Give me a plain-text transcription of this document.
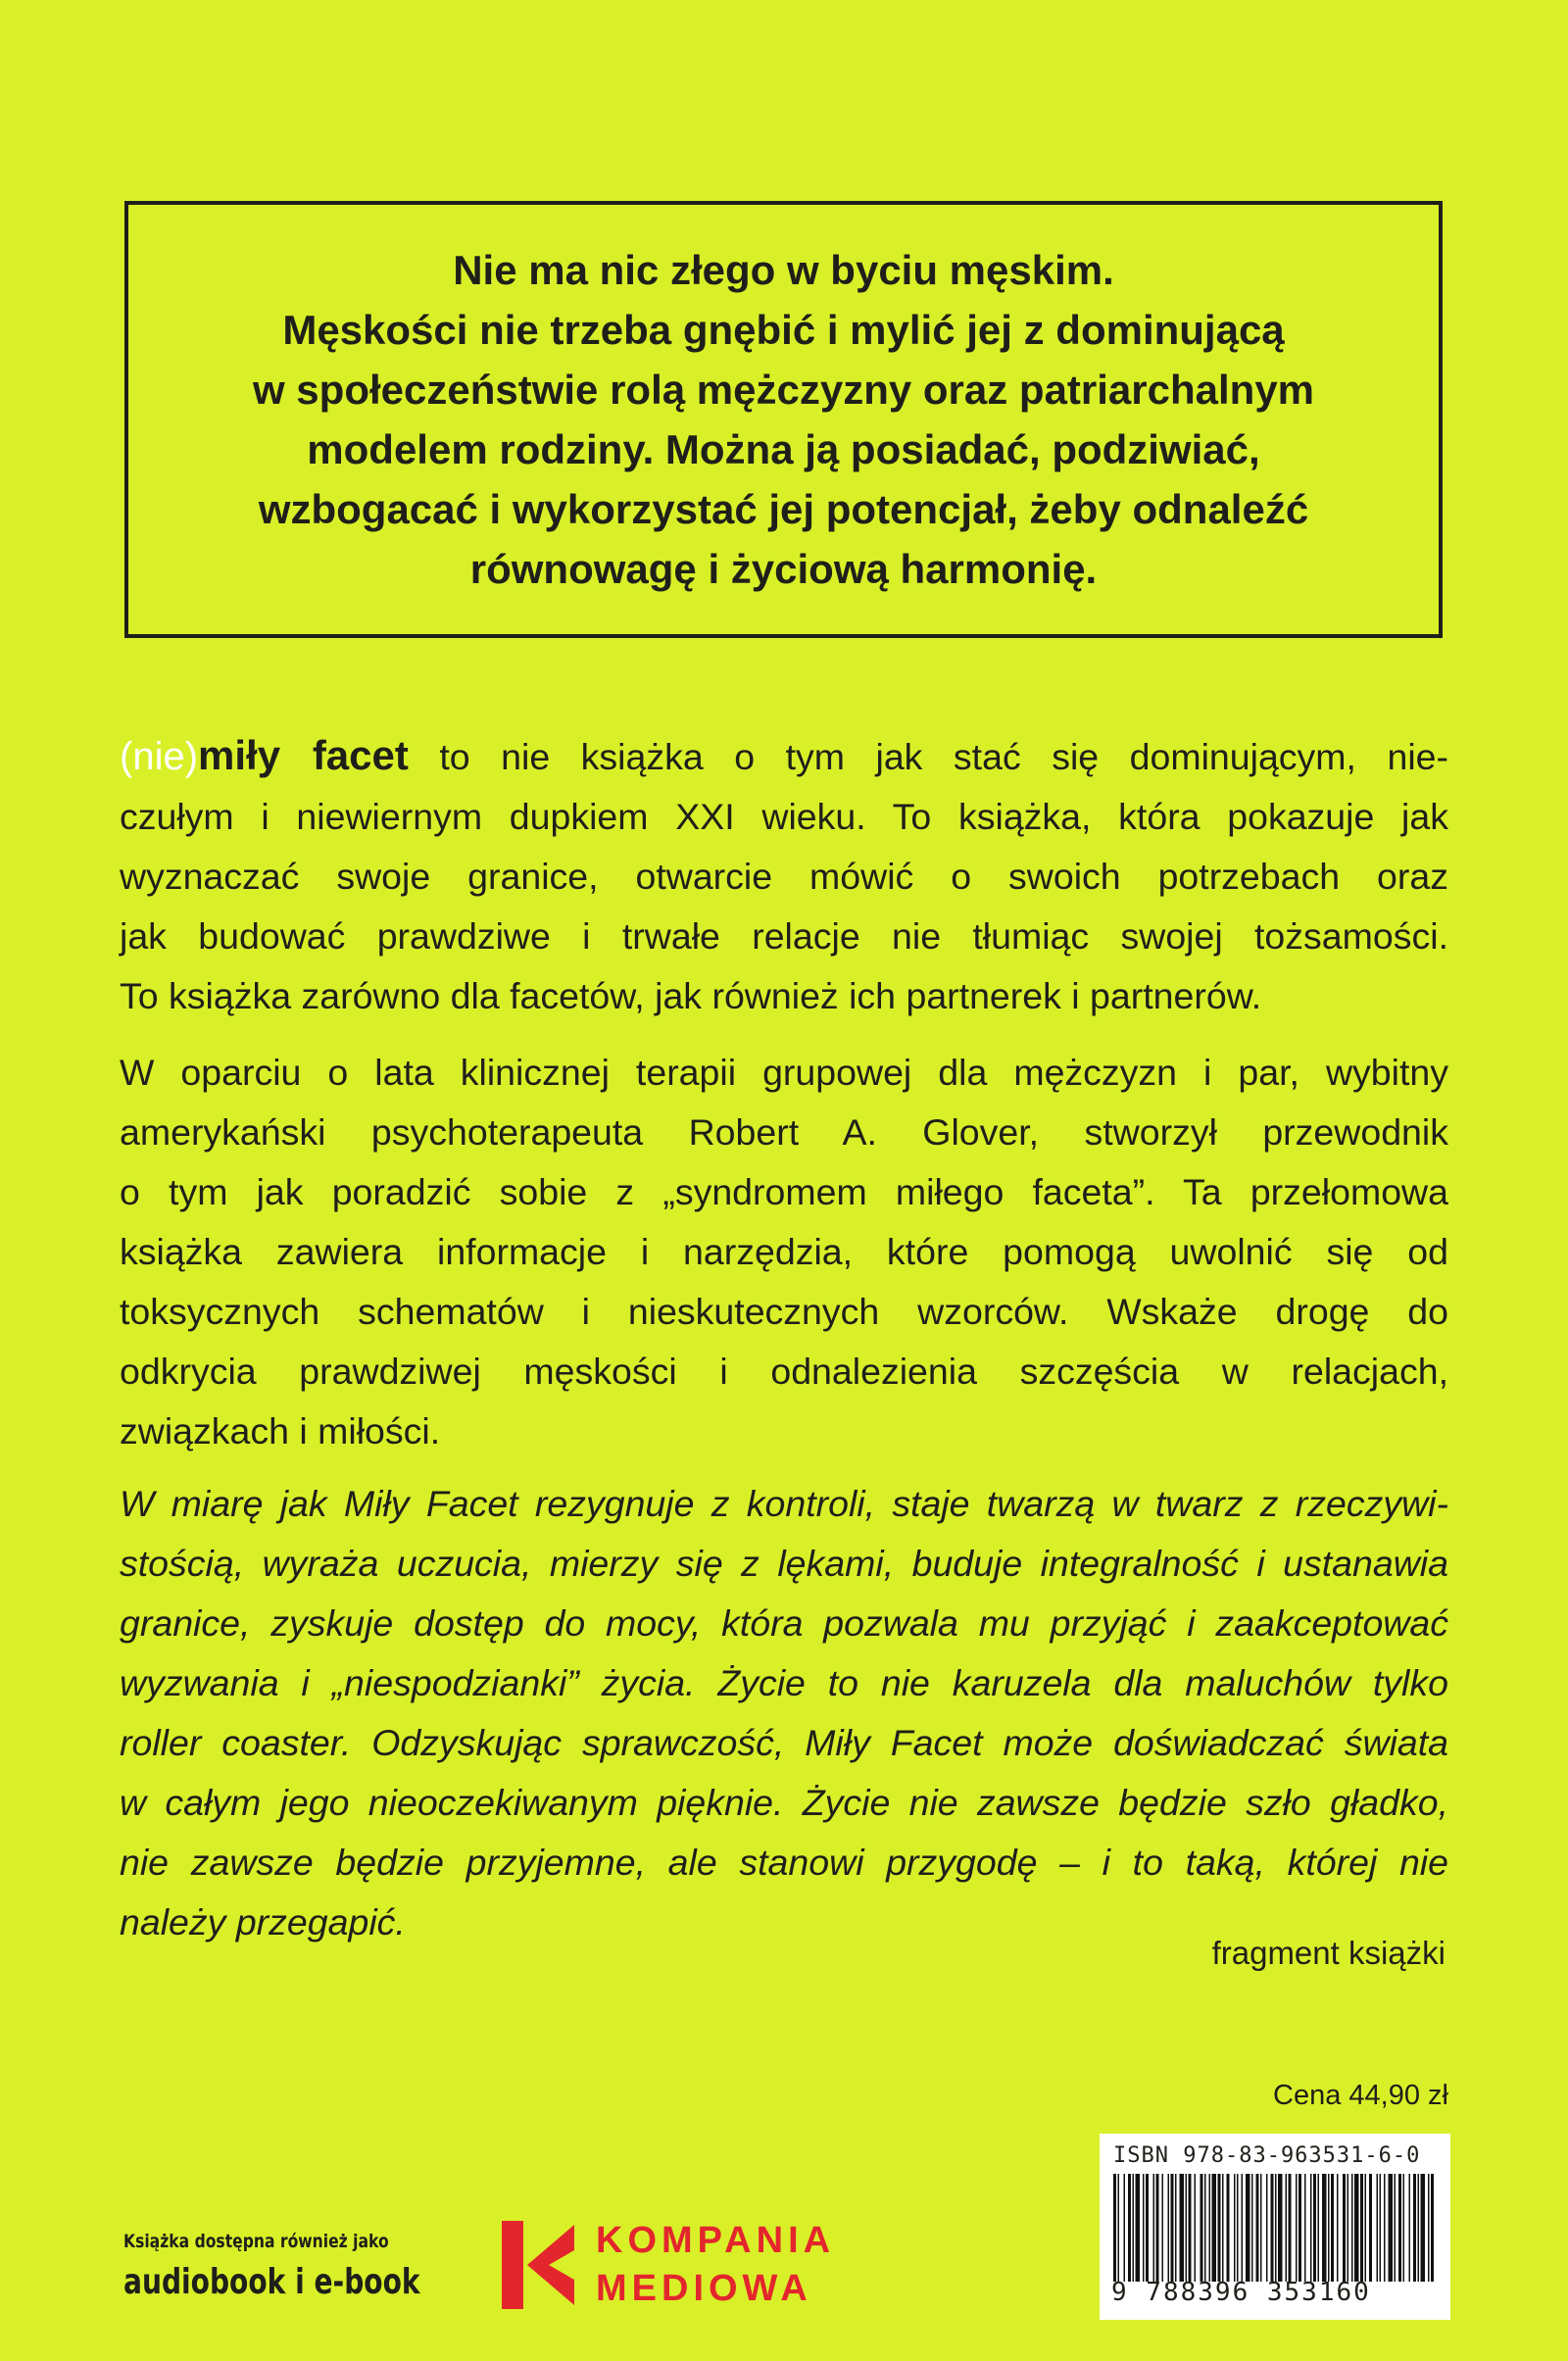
Nie ma nic złego w byciu męskim.
Męskości nie trzeba gnębić i mylić jej z dominującą
w społeczeństwie rolą mężczyzny oraz patriarchalnym
modelem rodziny. Można ją posiadać, podziwiać,
wzbogacać i wykorzystać jej potencjał, żeby odnaleźć
równowagę i życiową harmonię.
(nie)miły facet to nie książka o tym jak stać się dominującym, nie-
czułym i niewiernym dupkiem XXI wieku. To książka, która pokazuje jak
wyznaczać swoje granice, otwarcie mówić o swoich potrzebach oraz
jak budować prawdziwe i trwałe relacje nie tłumiąc swojej tożsamości.
To książka zarówno dla facetów, jak również ich partnerek i partnerów.
W oparciu o lata klinicznej terapii grupowej dla mężczyzn i par, wybitny
amerykański psychoterapeuta Robert A. Glover, stworzył przewodnik
o tym jak poradzić sobie z „syndromem miłego faceta”. Ta przełomowa
książka zawiera informacje i narzędzia, które pomogą uwolnić się od
toksycznych schematów i nieskutecznych wzorców. Wskaże drogę do
odkrycia prawdziwej męskości i odnalezienia szczęścia w relacjach,
związkach i miłości.
W miarę jak Miły Facet rezygnuje z kontroli, staje twarzą w twarz z rzeczywi-
stością, wyraża uczucia, mierzy się z lękami, buduje integralność i ustanawia
granice, zyskuje dostęp do mocy, która pozwala mu przyjąć i zaakceptować
wyzwania i „niespodzianki” życia. Życie to nie karuzela dla maluchów tylko
roller coaster. Odzyskując sprawczość, Miły Facet może doświadczać świata
w całym jego nieoczekiwanym pięknie. Życie nie zawsze będzie szło gładko,
nie zawsze będzie przyjemne, ale stanowi przygodę – i to taką, której nie
należy przegapić.
fragment książki
Cena 44,90 zł
ISBN 978-83-963531-6-0
9 788396 353160
Książka dostępna również jako
audiobook i e-book
KOMPANIA
MEDIOWA
